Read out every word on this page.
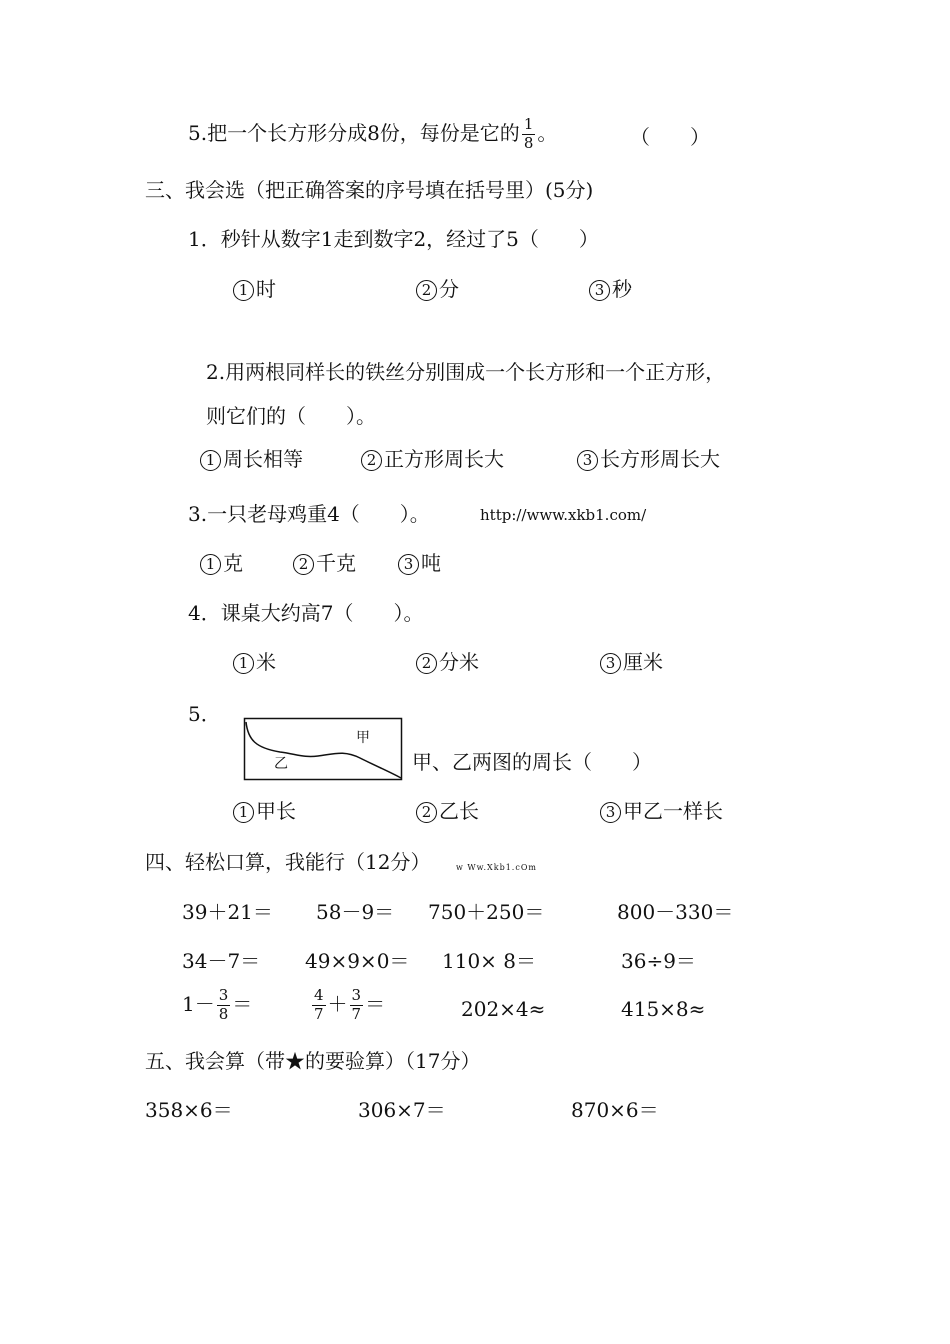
5.把一个长方形分成8份，每份是它的 $\frac{1}{8}$ 。	（　　）
三、我会选（把正确答案的序号填在括号里）(5分)
1．秒针从数字1走到数字2，经过了5（　　）
1 时	2 分	3 秒
2.用两根同样长的铁丝分别围成一个长方形和一个正方形，
则它们的（　　）。
1 周长相等	2 正方形周长大	3 长方形周长大
3.一只老母鸡重4（　　）。	http://www.xkb1.com/
1 克	2 千克	3 吨
4．课桌大约高7（　　）。
1 米	2 分米	3 厘米
5．
甲
乙	甲、乙两图的周长（　　）
1 甲长	2 乙长	3 甲乙一样长
四、轻松口算，我能行（12分）	w Ww.Xkb1.cOm
39＋21＝ 58－9＝ 750＋250＝	800－330＝
34－7＝ 49×9×0＝ 110× 8＝	36÷9＝
$1- \frac{3}{8}$ ＝	$\frac{4}{7} + \frac{3}{7}$ ＝	202×4≈	415×8≈
五、我会算（带★的要验算）（17分）
358×6＝	306×7＝	870×6＝
